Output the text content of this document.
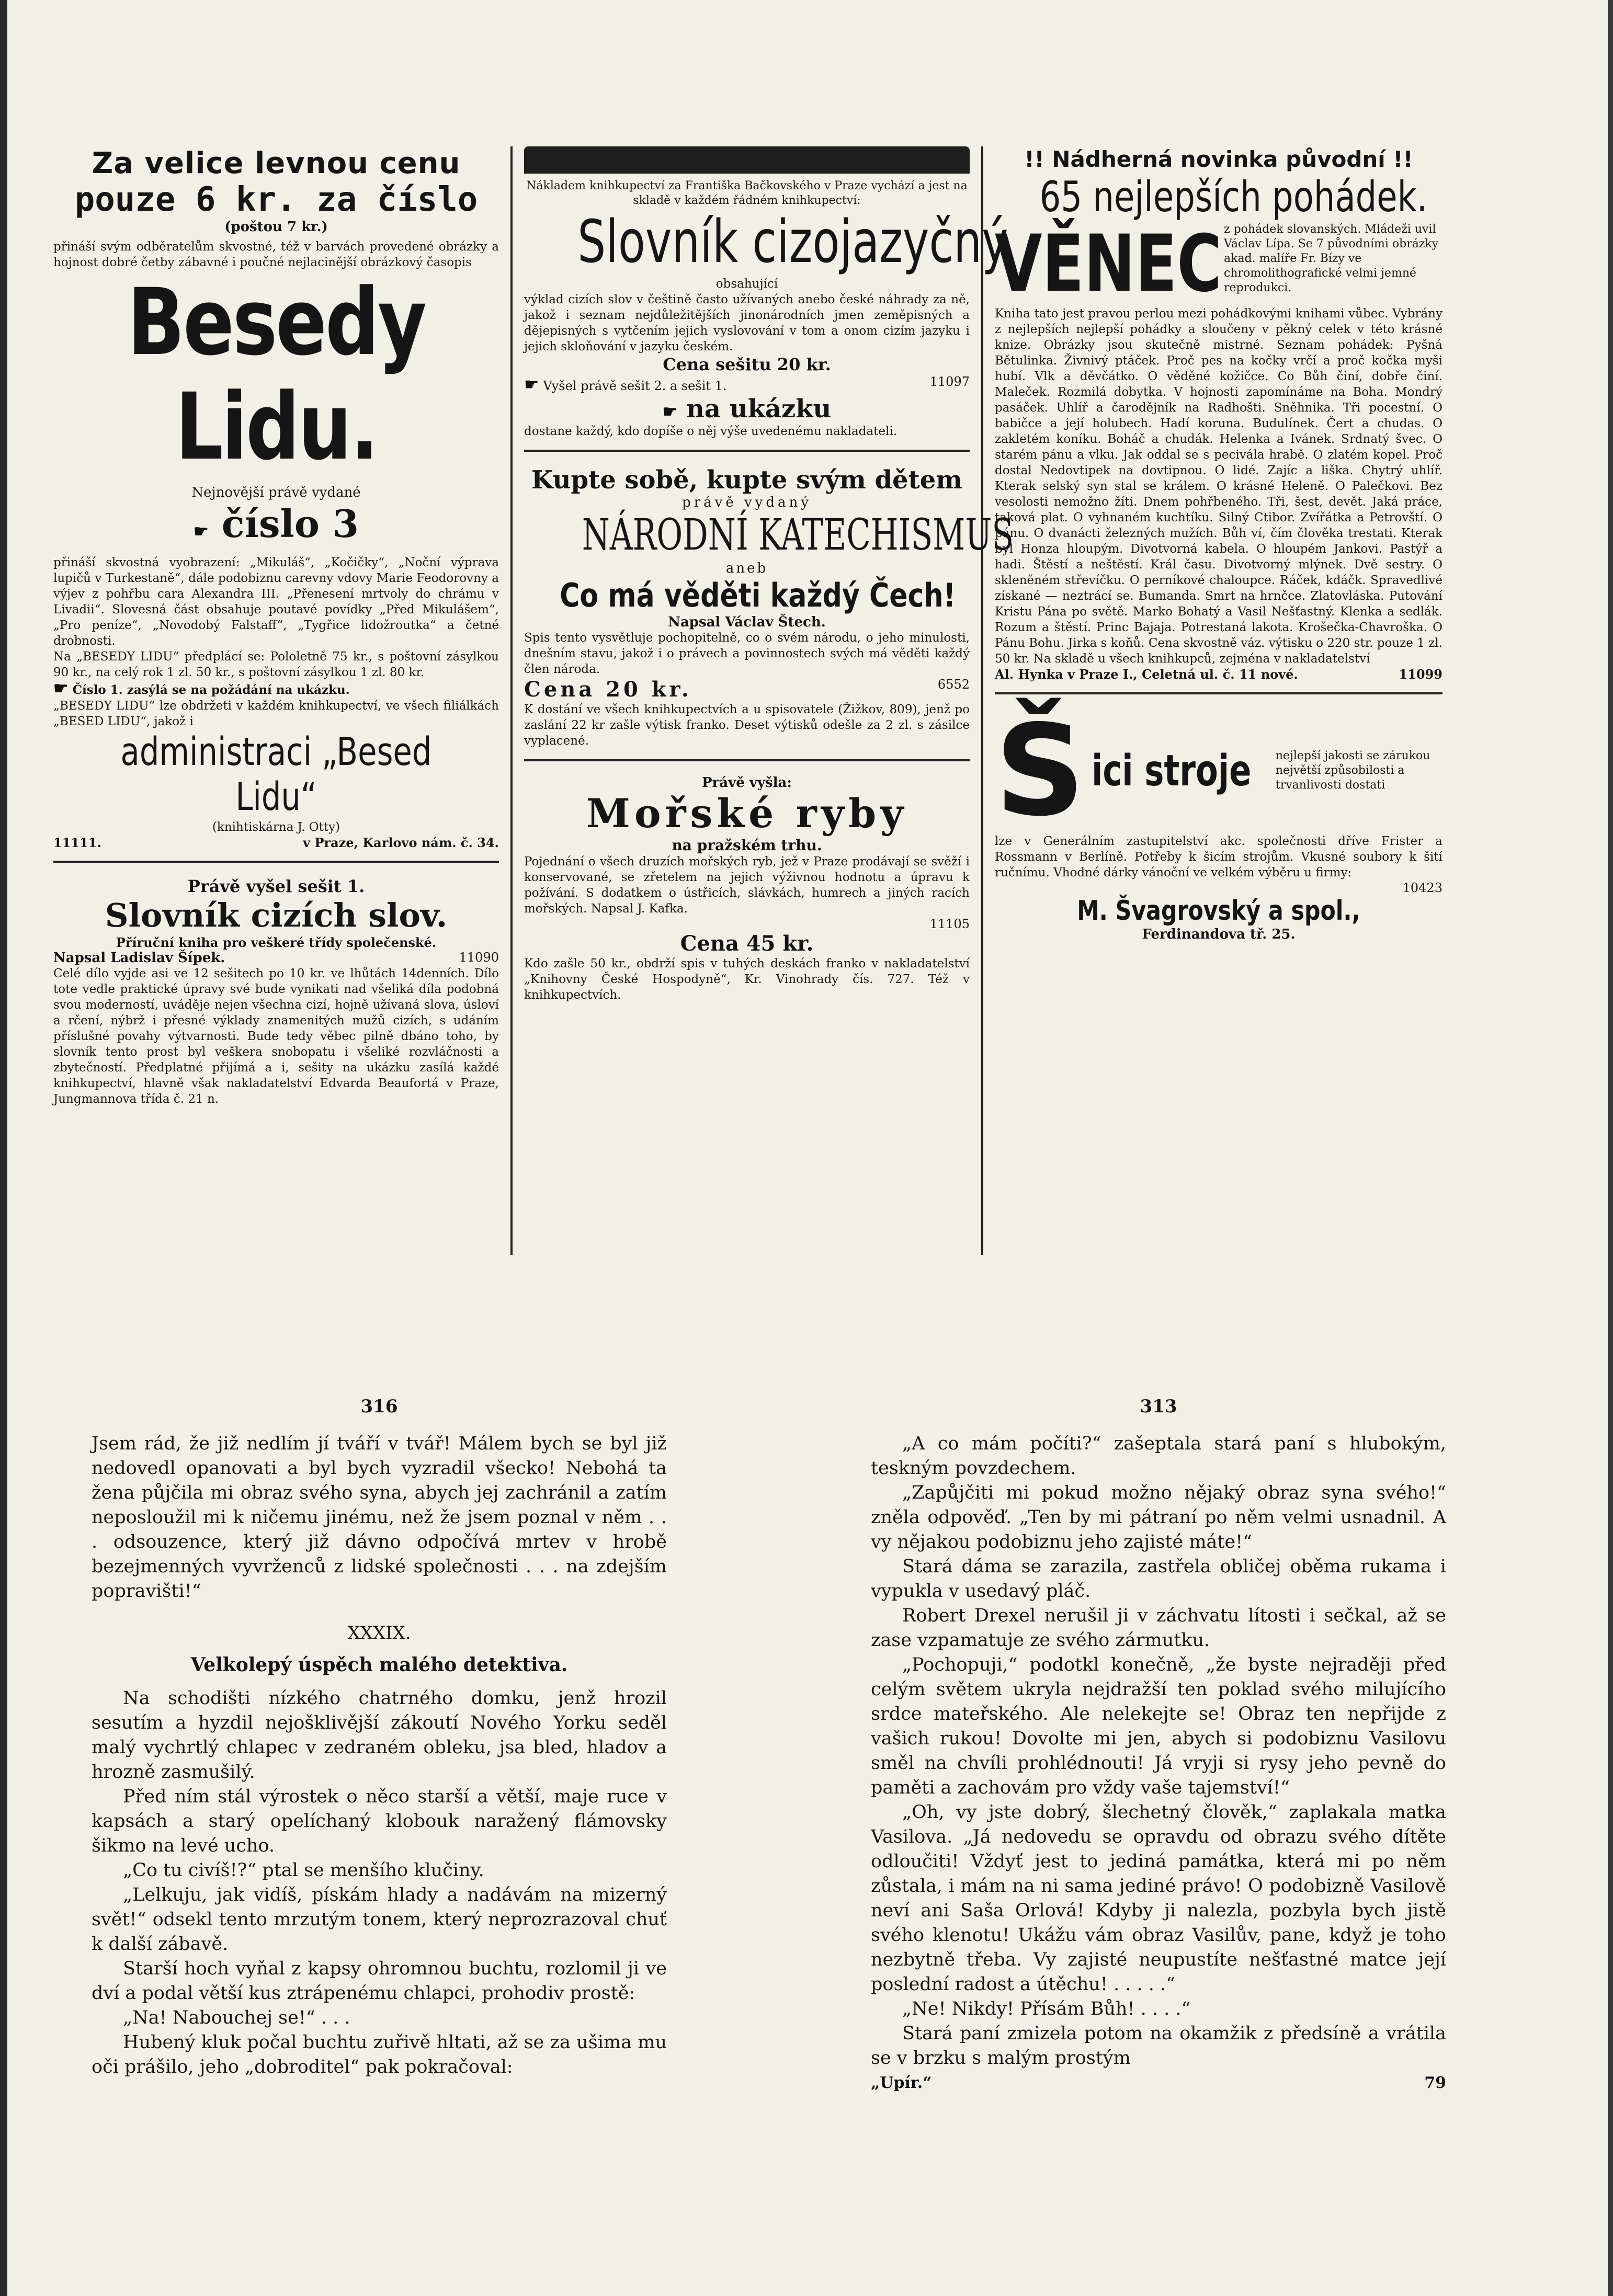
Za velice levnou cenu
pouze 6 kr. za číslo
(poštou 7 kr.)
přináší svým odběratelům skvostné, též v barvách provedené obrázky a hojnost dobré četby zábavné i poučné nejlacinější obrázkový časopis
Besedy Lidu.
Nejnovější právě vydané
☛ číslo 3
přináší skvostná vyobrazení: „Mikuláš“, „Kočičky“, „Noční výprava lupičů v Turkestaně“, dále podobiznu carevny vdovy Marie Feodorovny a výjev z pohřbu cara Alexandra III. „Přenesení mrtvoly do chrámu v Livadii“. Slovesná část obsahuje poutavé povídky „Před Mikulášem“, „Pro peníze“, „Novodobý Falstaff“, „Tygřice lidožroutka“ a četné drobnosti.
Na „BESEDY LIDU“ předplácí se: Pololetně 75 kr., s poštovní zásylkou 90 kr., na celý rok 1 zl. 50 kr., s poštovní zásylkou 1 zl. 80 kr.
☛ Číslo 1. zasýlá se na požádání na ukázku.
„BESEDY LIDU“ lze obdržeti v každém knihkupectví, ve všech filiálkách „BESED LIDU“, jakož i
administraci „Besed Lidu“
(knihtiskárna J. Otty)
11111.	v Praze, Karlovo nám. č. 34.
Právě vyšel sešit 1.
Slovník cizích slov.
Příruční kniha pro veškeré třídy společenské.
Napsal Ladislav Šípek.	11090
Celé dílo vyjde asi ve 12 sešitech po 10 kr. ve lhůtách 14denních. Dílo tote vedle praktické úpravy své bude vynikati nad všeliká díla podobná svou moderností, uváděje nejen všechna cizí, hojně užívaná slova, úsloví a rčení, nýbrž i přesné výklady znamenitých mužů cizích, s udáním příslušné povahy výtvarnosti. Bude tedy věbec pilně dbáno toho, by slovník tento prost byl veškera snobopatu i všeliké rozvláčnosti a zbytečností. Předplatné přijímá a i, sešity na ukázku zasílá každé knihkupectví, hlavně však nakladatelství Edvarda Beaufortá v Praze, Jungmannova třída č. 21 n.
Nákladem knihkupectví za Františka Bačkovského v Praze vychází a jest na skladě v každém řádném knihkupectví:
Slovník cizojazyčný
obsahující
výklad cizích slov v češtině často užívaných anebo české náhrady za ně, jakož i seznam nejdůležitějších jinonárodních jmen zeměpisných a dějepisných s vytčením jejich vyslovování v tom a onom cizím jazyku i jejich skloňování v jazyku českém.
Cena sešitu 20 kr.
☛ Vyšel právě sešit 2. a sešit 1.	11097
☛ na ukázku
dostane každý, kdo dopíše o něj výše uvedenému nakladateli.
Kupte sobě, kupte svým dětem
právě vydaný
NÁRODNÍ KATECHISMUS
aneb
Co má věděti každý Čech!
Napsal Václav Štech.
Spis tento vysvětluje pochopitelně, co o svém národu, o jeho minulosti, dnešním stavu, jakož i o právech a povinnostech svých má věděti každý člen národa.
Cena 20 kr.	6552
K dostání ve všech knihkupectvích a u spisovatele (Žižkov, 809), jenž po zaslání 22 kr zašle výtisk franko. Deset výtisků odešle za 2 zl. s zásilce vyplacené.
Právě vyšla:
Mořské ryby
na pražském trhu.
Pojednání o všech druzích mořských ryb, jež v Praze prodávají se svěží i konservované, se zřetelem na jejich výživnou hodnotu a úpravu k požívání. S dodatkem o ústřicích, slávkách, humrech a jiných racích mořských. Napsal J. Kafka.
11105
Cena 45 kr.
Kdo zašle 50 kr., obdrží spis v tuhých deskách franko v nakladatelství „Knihovny České Hospodyně“, Kr. Vinohrady čís. 727. Též v knihkupectvích.
!! Nádherná novinka původní !!
65 nejlepších pohádek.
VĚNEC z pohádek slovanských. Mládeži uvil Václav Lípa. Se 7 původními obrázky akad. malíře Fr. Bízy ve chromolithografické velmi jemné reprodukci.
Kniha tato jest pravou perlou mezi pohádkovými knihami vůbec. Vybrány z nejlepších nejlepší pohádky a sloučeny v pěkný celek v této krásné knize. Obrázky jsou skutečně mistrné. Seznam pohádek: Pyšná Bětulinka. Živnivý ptáček. Proč pes na kočky vrčí a proč kočka myši hubí. Vlk a děvčátko. O věděné kožičce. Co Bůh činí, dobře činí. Maleček. Rozmilá dobytka. V hojnosti zapomínáme na Boha. Mondrý pasáček. Uhlíř a čarodějník na Radhošti. Sněhnika. Tři pocestní. O babičce a její holubech. Hadí koruna. Budulínek. Čert a chudas. O zakletém koníku. Boháč a chudák. Helenka a Ivánek. Srdnatý švec. O starém pánu a vlku. Jak oddal se s pecivála hrabě. O zlatém kopel. Proč dostal Nedovtipek na dovtipnou. O lidé. Zajíc a liška. Chytrý uhlíř. Kterak selský syn stal se králem. O krásné Heleně. O Palečkovi. Bez vesolosti nemožno žíti. Dnem pohřbeného. Tři, šest, devět. Jaká práce, taková plat. O vyhnaném kuchtíku. Silný Ctibor. Zvířátka a Petrovští. O pánu. O dvanácti železných mužích. Bůh ví, čím člověka trestati. Kterak byl Honza hloupým. Divotvorná kabela. O hloupém Jankovi. Pastýř a hadi. Štěstí a neštěstí. Král času. Divotvorný mlýnek. Dvě sestry. O skleněném střevíčku. O perníkové chaloupce. Ráček, kdáčk. Spravedlivé získané — neztrácí se. Bumanda. Smrt na hrnčce. Zlatovláska. Putování Kristu Pána po světě. Marko Bohatý a Vasil Nešťastný. Klenka a sedlák. Rozum a štěstí. Princ Bajaja. Potrestaná lakota. Krošečka-Chavroška. O Pánu Bohu. Jirka s koňů. Cena skvostně váz. výtisku o 220 str. pouze 1 zl. 50 kr. Na skladě u všech knihkupců, zejména v nakladatelství
Al. Hynka v Praze I., Celetná ul. č. 11 nové.	11099
Š ici stroje nejlepší jakosti se zárukou největší způsobilosti a trvanlivosti dostati
lze v Generálním zastupitelství akc. společnosti dříve Frister a Rossmann v Berlíně. Potřeby k šicím strojům. Vkusné soubory k šití ručnímu. Vhodné dárky vánoční ve velkém výběru u firmy:
10423
M. Švagrovský a spol.,
Ferdinandova tř. 25.
316

Jsem rád, že již nedlím jí tváří v tvář! Málem bych se byl již nedovedl opanovati a byl bych vyzradil všecko! Nebohá ta žena půjčila mi obraz svého syna, abych jej zachránil a zatím neposloužil mi k ničemu jinému, než že jsem poznal v něm . . . odsouzence, který již dávno odpočívá mrtev v hrobě bezejmenných vyvrženců z lidské společnosti . . . na zdejším popravišti!“

XXXIX.
Velkolepý úspěch malého detektiva.

Na schodišti nízkého chatrného domku, jenž hrozil sesutím a hyzdil nejošklivější zákoutí Nového Yorku seděl malý vychrtlý chlapec v zedraném obleku, jsa bled, hladov a hrozně zasmušilý.

Před ním stál výrostek o něco starší a větší, maje ruce v kapsách a starý opelíchaný klobouk naražený flámovsky šikmo na levé ucho.

„Co tu civíš!?“ ptal se menšího klučiny.

„Lelkuju, jak vidíš, pískám hlady a nadávám na mizerný svět!“ odsekl tento mrzutým tonem, který neprozrazoval chuť k další zábavě.

Starší hoch vyňal z kapsy ohromnou buchtu, rozlomil ji ve dví a podal větší kus ztrápenému chlapci, prohodiv prostě:

„Na! Nabouchej se!“ . . .

Hubený kluk počal buchtu zuřivě hltati, až se za ušima mu oči prášilo, jeho „dobroditel“ pak pokračoval:

313

„A co mám počíti?“ zašeptala stará paní s hlubokým, teskným povzdechem.

„Zapůjčiti mi pokud možno nějaký obraz syna svého!“ zněla odpověď. „Ten by mi pátraní po něm velmi usnadnil. A vy nějakou podobiznu jeho zajisté máte!“

Stará dáma se zarazila, zastřela obličej oběma rukama i vypukla v usedavý pláč.

Robert Drexel nerušil ji v záchvatu lítosti i sečkal, až se zase vzpamatuje ze svého zármutku.

„Pochopuji,“ podotkl konečně, „že byste nejraději před celým světem ukryla nejdražší ten poklad svého milujícího srdce mateřského. Ale nelekejte se! Obraz ten nepřijde z vašich rukou! Dovolte mi jen, abych si podobiznu Vasilovu směl na chvíli prohlédnouti! Já vryji si rysy jeho pevně do paměti a zachovám pro vždy vaše tajemství!“

„Oh, vy jste dobrý, šlechetný člověk,“ zaplakala matka Vasilova. „Já nedovedu se opravdu od obrazu svého dítěte odloučiti! Vždyť jest to jediná památka, která mi po něm zůstala, i mám na ni sama jediné právo! O podobizně Vasilově neví ani Saša Orlová! Kdyby ji nalezla, pozbyla bych jistě svého klenotu! Ukážu vám obraz Vasilův, pane, když je toho nezbytně třeba. Vy zajisté neupustíte nešťastné matce její poslední radost a útěchu! . . . . .“

„Ne! Nikdy! Přísám Bůh! . . . .“

Stará paní zmizela potom na okamžik z předsíně a vrátila se v brzku s malým prostým

„Upír.“	79
